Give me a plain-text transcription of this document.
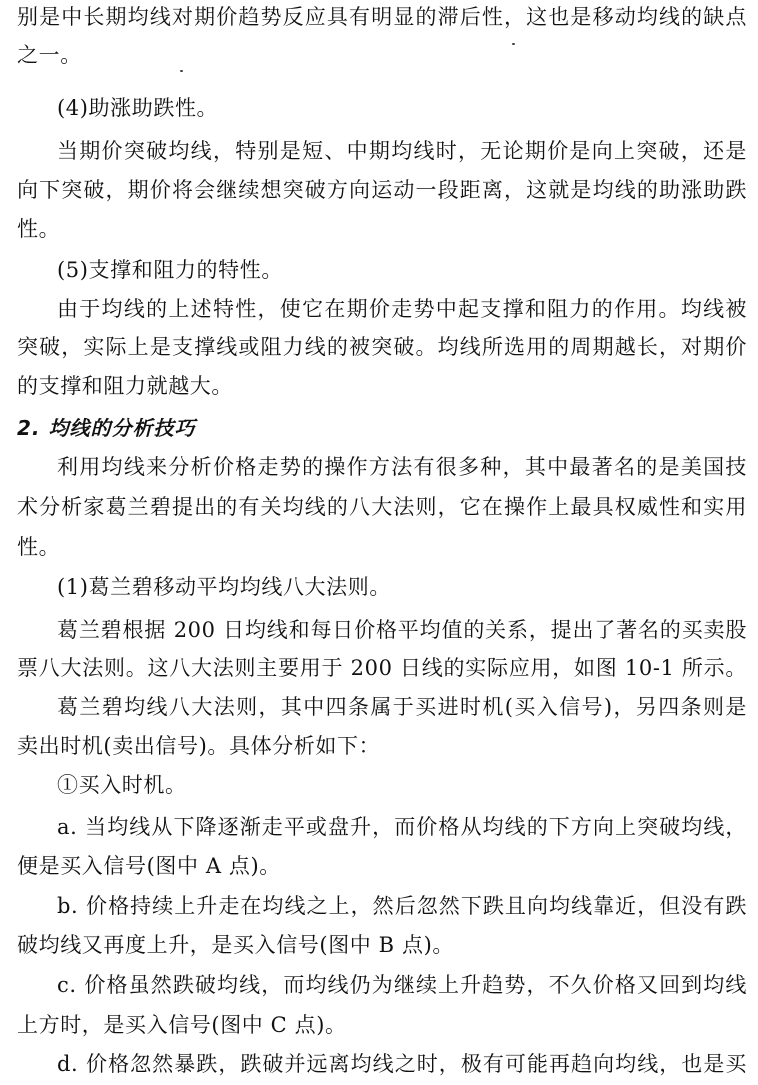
别是中长期均线对期价趋势反应具有明显的滞后性，这也是移动均线的缺点
之一。
(4)助涨助跌性。
当期价突破均线，特别是短、中期均线时，无论期价是向上突破，还是
向下突破，期价将会继续想突破方向运动一段距离，这就是均线的助涨助跌
性。
(5)支撑和阻力的特性。
由于均线的上述特性，使它在期价走势中起支撑和阻力的作用。均线被
突破，实际上是支撑线或阻力线的被突破。均线所选用的周期越长，对期价
的支撑和阻力就越大。
2. 均线的分析技巧
利用均线来分析价格走势的操作方法有很多种，其中最著名的是美国技
术分析家葛兰碧提出的有关均线的八大法则，它在操作上最具权威性和实用
性。
(1)葛兰碧移动平均均线八大法则。
葛兰碧根据 200 日均线和每日价格平均值的关系，提出了著名的买卖股
票八大法则。这八大法则主要用于 200 日线的实际应用，如图 10-1 所示。
葛兰碧均线八大法则，其中四条属于买进时机(买入信号)，另四条则是
卖出时机(卖出信号)。具体分析如下：
①买入时机。
a. 当均线从下降逐渐走平或盘升，而价格从均线的下方向上突破均线，
便是买入信号(图中 A 点)。
b. 价格持续上升走在均线之上，然后忽然下跌且向均线靠近，但没有跌
破均线又再度上升，是买入信号(图中 B 点)。
c. 价格虽然跌破均线，而均线仍为继续上升趋势，不久价格又回到均线
上方时，是买入信号(图中 C 点)。
d. 价格忽然暴跌，跌破并远离均线之时，极有可能再趋向均线，也是买
